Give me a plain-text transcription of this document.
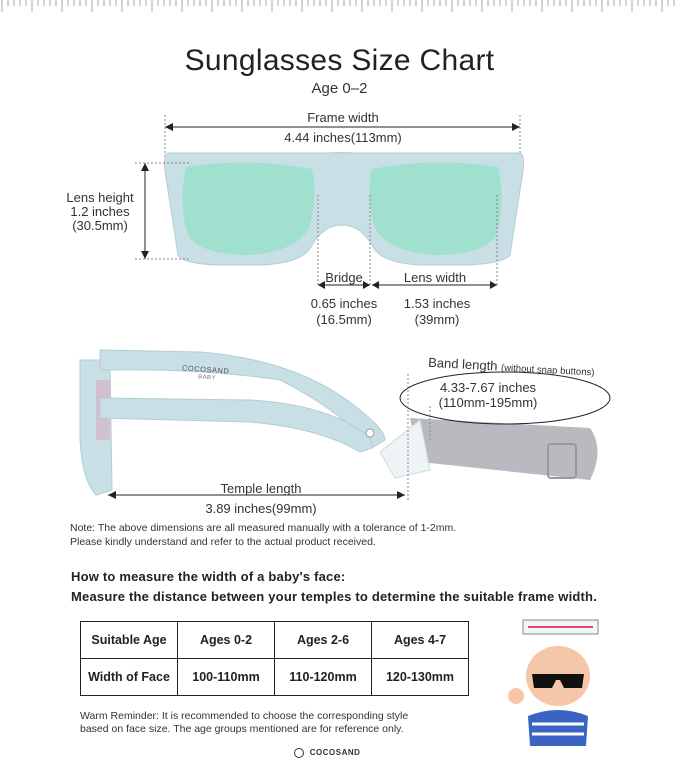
Sunglasses Size Chart
Age 0–2
Frame width
4.44 inches(113mm)
Lens height
1.2 inches
(30.5mm)
Bridge
0.65 inches
(16.5mm)
Lens width
1.53 inches
(39mm)
COCOSAND
BABY
Band length (without snap buttons)
4.33-7.67 inches
(110mm-195mm)
Temple length
3.89 inches(99mm)
Note: The above dimensions are all measured manually with a tolerance of 1-2mm.
Please kindly understand and refer to the actual product received.
How to measure the width of a baby's face:
Measure the distance between your temples to determine the suitable frame width.
Suitable Age	Ages 0-2	Ages 2-6	Ages 4-7
Width of Face	100-110mm	110-120mm	120-130mm
Warm Reminder: It is recommended to choose the corresponding style
based on face size. The age groups mentioned are for reference only.
COCOSAND
